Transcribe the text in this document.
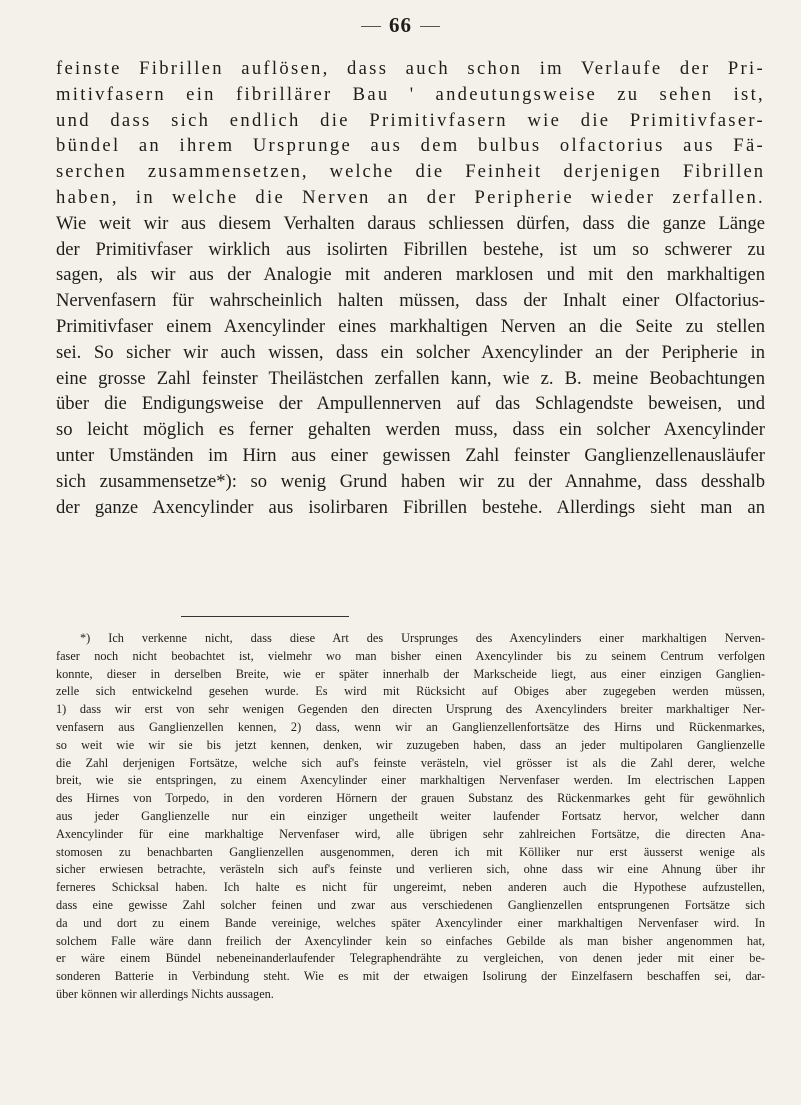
66
feinste Fibrillen auflösen, dass auch schon im Verlaufe der Pri-
mitivfasern ein fibrillärer Bau ' andeutungsweise zu sehen ist,
und dass sich endlich die Primitivfasern wie die Primitivfaser-
bündel an ihrem Ursprunge aus dem bulbus olfactorius aus Fä-
serchen zusammensetzen, welche die Feinheit derjenigen Fibrillen
haben, in welche die Nerven an der Peripherie wieder zerfallen.
Wie weit wir aus diesem Verhalten daraus schliessen dürfen, dass die ganze Länge
der Primitivfaser wirklich aus isolirten Fibrillen bestehe, ist um so schwerer zu
sagen, als wir aus der Analogie mit anderen marklosen und mit den markhaltigen
Nervenfasern für wahrscheinlich halten müssen, dass der Inhalt einer Olfactorius-
Primitivfaser einem Axencylinder eines markhaltigen Nerven an die Seite zu stellen
sei. So sicher wir auch wissen, dass ein solcher Axencylinder an der Peripherie in
eine grosse Zahl feinster Theilästchen zerfallen kann, wie z. B. meine Beobachtungen
über die Endigungsweise der Ampullennerven auf das Schlagendste beweisen, und
so leicht möglich es ferner gehalten werden muss, dass ein solcher Axencylinder
unter Umständen im Hirn aus einer gewissen Zahl feinster Ganglienzellenausläufer
sich zusammensetze*): so wenig Grund haben wir zu der Annahme, dass desshalb
der ganze Axencylinder aus isolirbaren Fibrillen bestehe. Allerdings sieht man an
*) Ich verkenne nicht, dass diese Art des Ursprunges des Axencylinders einer markhaltigen Nerven-
faser noch nicht beobachtet ist, vielmehr wo man bisher einen Axencylinder bis zu seinem Centrum verfolgen
konnte, dieser in derselben Breite, wie er später innerhalb der Markscheide liegt, aus einer einzigen Ganglien-
zelle sich entwickelnd gesehen wurde. Es wird mit Rücksicht auf Obiges aber zugegeben werden müssen,
1) dass wir erst von sehr wenigen Gegenden den directen Ursprung des Axencylinders breiter markhaltiger Ner-
venfasern aus Ganglienzellen kennen, 2) dass, wenn wir an Ganglienzellenfortsätze des Hirns und Rückenmarkes,
so weit wie wir sie bis jetzt kennen, denken, wir zuzugeben haben, dass an jeder multipolaren Ganglienzelle
die Zahl derjenigen Fortsätze, welche sich auf's feinste verästeln, viel grösser ist als die Zahl derer, welche
breit, wie sie entspringen, zu einem Axencylinder einer markhaltigen Nervenfaser werden. Im electrischen Lappen
des Hirnes von Torpedo, in den vorderen Hörnern der grauen Substanz des Rückenmarkes geht für gewöhnlich
aus jeder Ganglienzelle nur ein einziger ungetheilt weiter laufender Fortsatz hervor, welcher dann
Axencylinder für eine markhaltige Nervenfaser wird, alle übrigen sehr zahlreichen Fortsätze, die directen Ana-
stomosen zu benachbarten Ganglienzellen ausgenommen, deren ich mit Kölliker nur erst äusserst wenige als
sicher erwiesen betrachte, verästeln sich auf's feinste und verlieren sich, ohne dass wir eine Ahnung über ihr
ferneres Schicksal haben. Ich halte es nicht für ungereimt, neben anderen auch die Hypothese aufzustellen,
dass eine gewisse Zahl solcher feinen und zwar aus verschiedenen Ganglienzellen entsprungenen Fortsätze sich
da und dort zu einem Bande vereinige, welches später Axencylinder einer markhaltigen Nervenfaser wird. In
solchem Falle wäre dann freilich der Axencylinder kein so einfaches Gebilde als man bisher angenommen hat,
er wäre einem Bündel nebeneinanderlaufender Telegraphendrähte zu vergleichen, von denen jeder mit einer be-
sonderen Batterie in Verbindung steht. Wie es mit der etwaigen Isolirung der Einzelfasern beschaffen sei, dar-
über können wir allerdings Nichts aussagen.
